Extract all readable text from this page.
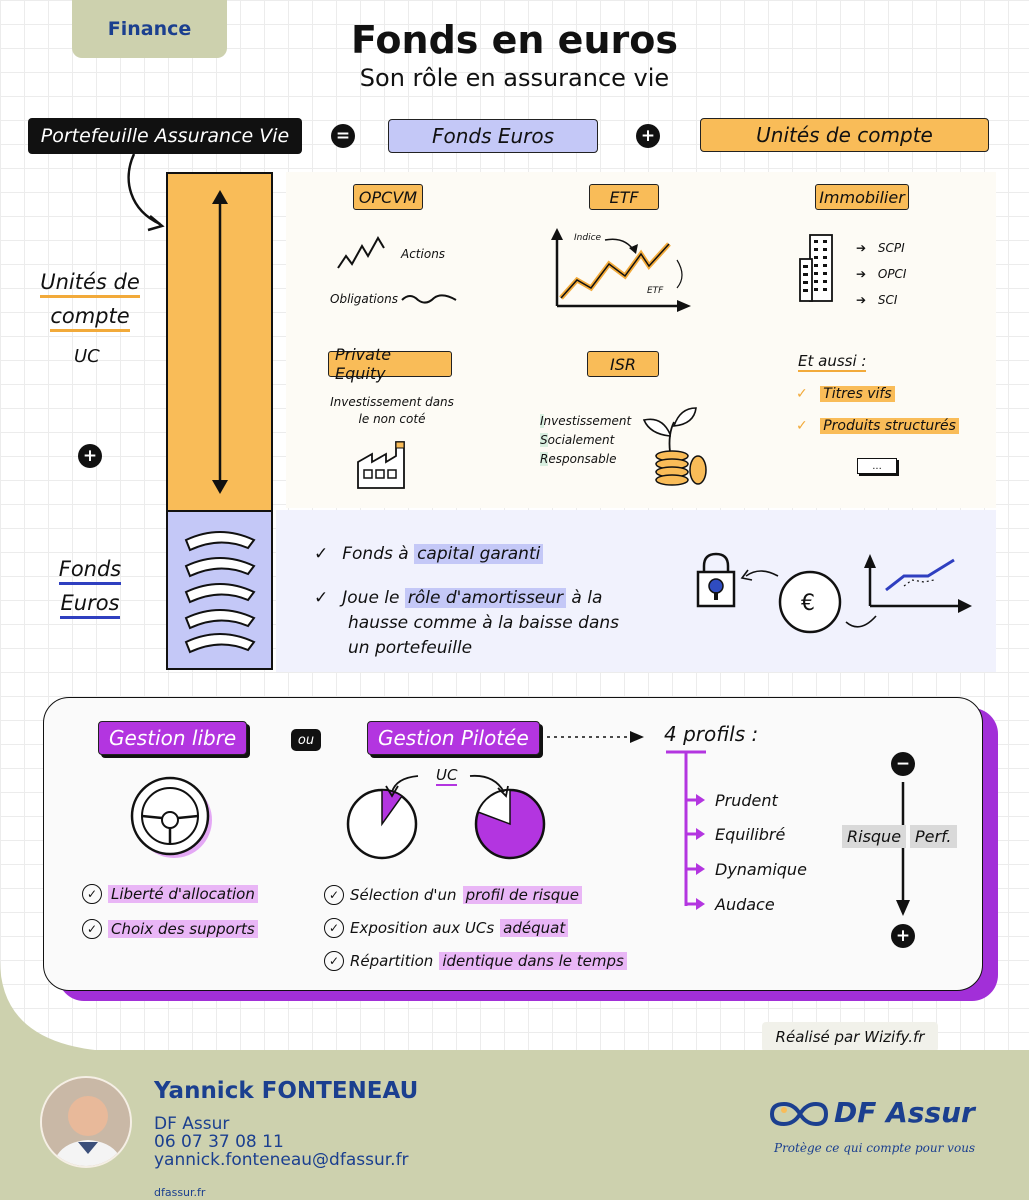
Finance	Fonds en euros
Son rôle en assurance vie
Portefeuille Assurance Vie	=	Fonds Euros	+	Unités de compte
Unités de
compte
UC
+
Fonds
Euros
OPCVM
Actions
Obligations
ETF
Indice
ETF
Immobilier
➔ SCPI
➔ OPCI
➔ SCI
Private Equity
Investissement dans
le non coté
ISR
Investissement
Socialement
Responsable
Et aussi :
✓ Titres vifs
✓ Produits structurés
...
✓ Fonds à capital garanti
✓ Joue le rôle d'amortisseur à la
hausse comme à la baisse dans
un portefeuille
€
Gestion libre	ou	Gestion Pilotée	4 profils :
UC
✓ Liberté d'allocation
✓ Choix des supports
✓ Sélection d'un profil de risque
✓ Exposition aux UCs adéquat
✓ Répartition identique dans le temps
Prudent
Equilibré
Dynamique
Audace
−
+
Risque Perf.
Réalisé par Wizify.fr
Yannick FONTENEAU
DF Assur
06 07 37 08 11
yannick.fonteneau@dfassur.fr
dfassur.fr
DF Assur
Protège ce qui compte pour vous
